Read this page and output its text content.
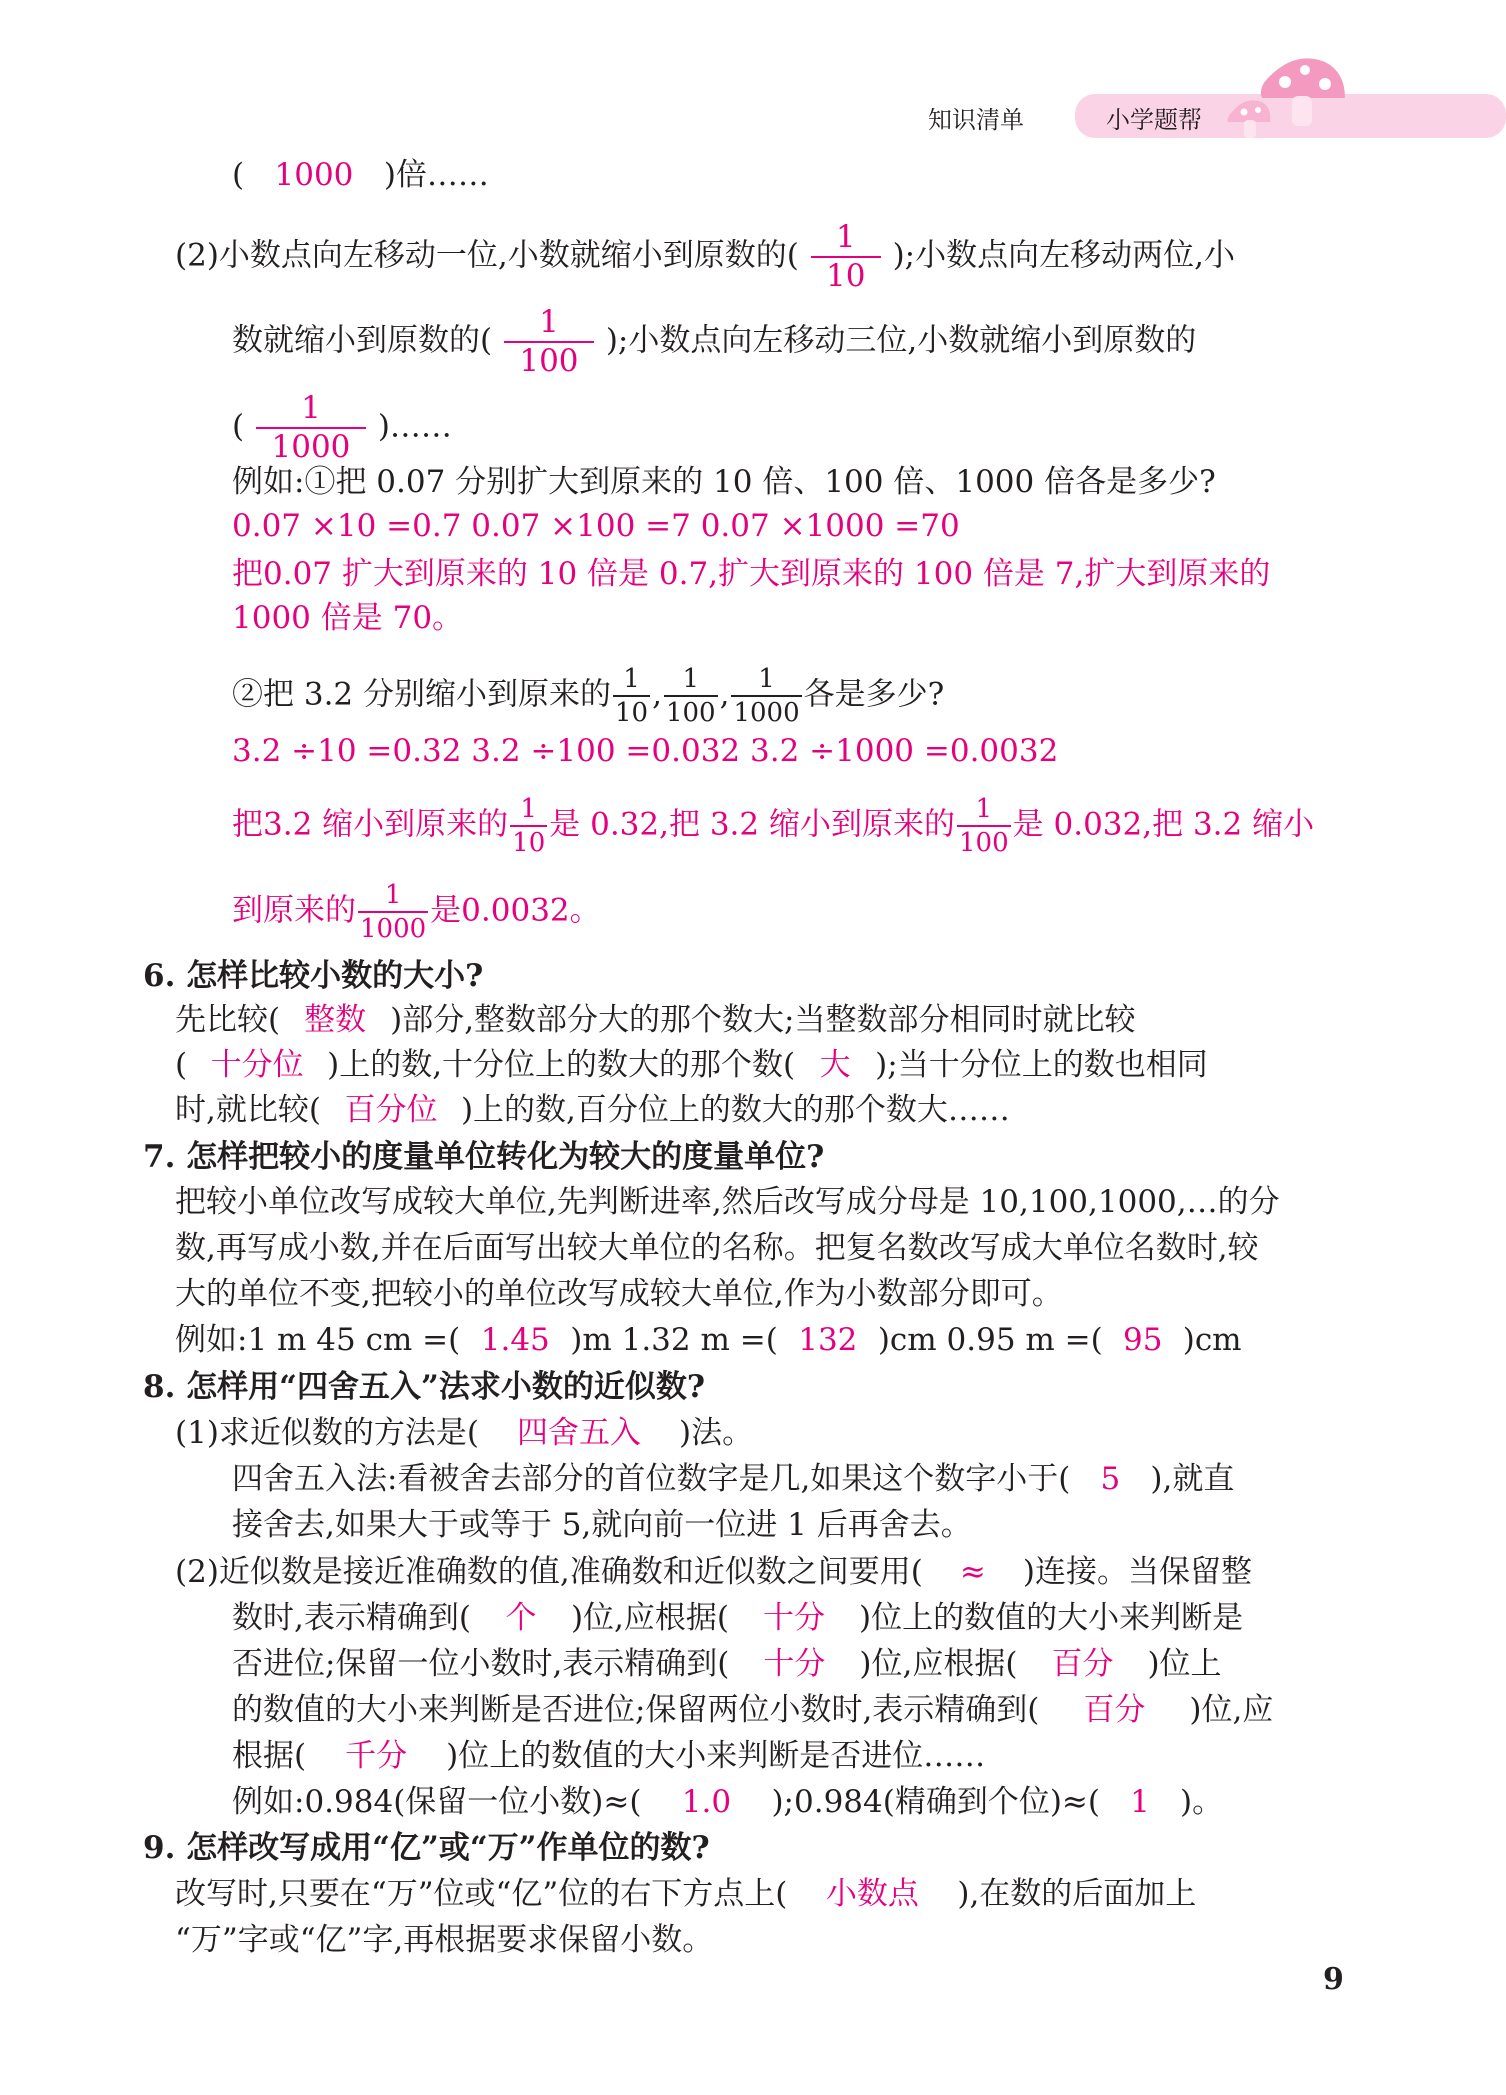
知识清单	小学题帮
( 1000 )倍……
(2)小数点向左移动一位,小数就缩小到原数的( $\frac{1}{10}$ );小数点向左移动两位,小
数就缩小到原数的( $\frac{1}{100}$ );小数点向左移动三位,小数就缩小到原数的
( $\frac{1}{1000}$ )……
例如:①把 0.07 分别扩大到原来的 10 倍、100 倍、1000 倍各是多少?
0.07 ×10 =0.7 0.07 ×100 =7 0.07 ×1000 =70
把0.07 扩大到原来的 10 倍是 0.7,扩大到原来的 100 倍是 7,扩大到原来的
1000 倍是 70。
②把 3.2 分别缩小到原来的 $\frac{1}{10}$ , $\frac{1}{100}$ , $\frac{1}{1000}$ 各是多少?
3.2 ÷10 =0.32 3.2 ÷100 =0.032 3.2 ÷1000 =0.0032
把3.2 缩小到原来的 $\frac{1}{10}$ 是 0.32,把 3.2 缩小到原来的 $\frac{1}{100}$ 是 0.032,把 3.2 缩小
到原来的 $\frac{1}{1000}$ 是0.0032。
6. 怎样比较小数的大小?
先比较( 整数 )部分,整数部分大的那个数大;当整数部分相同时就比较
( 十分位 )上的数,十分位上的数大的那个数( 大 );当十分位上的数也相同
时,就比较( 百分位 )上的数,百分位上的数大的那个数大……
7. 怎样把较小的度量单位转化为较大的度量单位?
把较小单位改写成较大单位,先判断进率,然后改写成分母是 10,100,1000,…的分
数,再写成小数,并在后面写出较大单位的名称。把复名数改写成大单位名数时,较
大的单位不变,把较小的单位改写成较大单位,作为小数部分即可。
例如:1 m 45 cm =( 1.45 )m 1.32 m =( 132 )cm 0.95 m =( 95 )cm
8. 怎样用“四舍五入”法求小数的近似数?
(1)求近似数的方法是( 四舍五入 )法。
四舍五入法:看被舍去部分的首位数字是几,如果这个数字小于( 5 ),就直
接舍去,如果大于或等于 5,就向前一位进 1 后再舍去。
(2)近似数是接近准确数的值,准确数和近似数之间要用( ≈ )连接。当保留整
数时,表示精确到( 个 )位,应根据( 十分 )位上的数值的大小来判断是
否进位;保留一位小数时,表示精确到( 十分 )位,应根据( 百分 )位上
的数值的大小来判断是否进位;保留两位小数时,表示精确到( 百分 )位,应
根据( 千分 )位上的数值的大小来判断是否进位……
例如:0.984(保留一位小数)≈( 1.0 );0.984(精确到个位)≈( 1 )。
9. 怎样改写成用“亿”或“万”作单位的数?
改写时,只要在“万”位或“亿”位的右下方点上( 小数点 ),在数的后面加上
“万”字或“亿”字,再根据要求保留小数。
9
